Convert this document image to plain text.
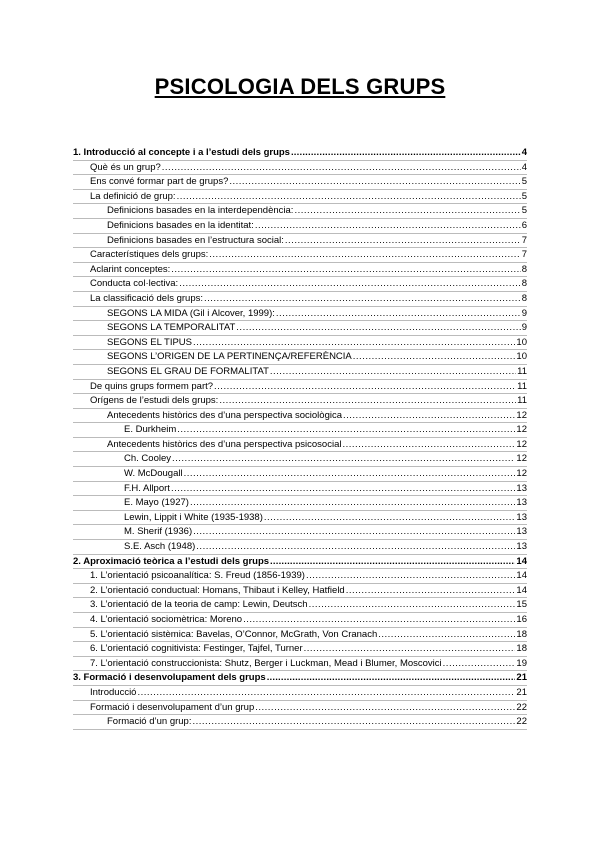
PSICOLOGIA DELS GRUPS
1. Introducció al concepte i a l’estudi dels grups .....	4
Què és un grup? .....	4
Ens convé formar part de grups? .....	5
La definició de grup: .....	5
Definicions basades en la interdependència: .....	5
Definicions basades en la identitat: .....	6
Definicions basades en l’estructura social: .....	7
Característiques dels grups: .....	7
Aclarint conceptes: .....	8
Conducta col·lectiva: .....	8
La classificació dels grups: .....	8
SEGONS LA MIDA (Gil i Alcover, 1999): .....	9
SEGONS LA TEMPORALITAT .....	9
SEGONS EL TIPUS .....	10
SEGONS L’ORIGEN DE LA PERTINENÇA/REFERÈNCIA .....	10
SEGONS EL GRAU DE FORMALITAT .....	11
De quins grups formem part? .....	11
Orígens de l’estudi dels grups: .....	11
Antecedents històrics des d’una perspectiva sociològica .....	12
E. Durkheim .....	12
Antecedents històrics des d’una perspectiva psicosocial .....	12
Ch. Cooley .....	12
W. McDougall .....	12
F.H. Allport .....	13
E. Mayo (1927) .....	13
Lewin, Lippit i White (1935-1938) .....	13
M. Sherif (1936) .....	13
S.E. Asch (1948) .....	13
2. Aproximació teòrica a l’estudi dels grups .....	14
1. L’orientació psicoanalítica: S. Freud (1856-1939) .....	14
2. L’orientació conductual: Homans, Thibaut i Kelley, Hatfield .....	14
3. L’orientació de la teoria de camp: Lewin, Deutsch .....	15
4. L’orientació sociomètrica: Moreno .....	16
5. L’orientació sistèmica: Bavelas, O’Connor, McGrath, Von Cranach .....	18
6. L’orientació cognitivista: Festinger, Tajfel, Turner .....	18
7. L’orientació construccionista: Shutz, Berger i Luckman, Mead i Blumer, Moscovici .....	19
3. Formació i desenvolupament dels grups .....	21
Introducció .....	21
Formació i desenvolupament d’un grup .....	22
Formació d’un grup: .....	22
